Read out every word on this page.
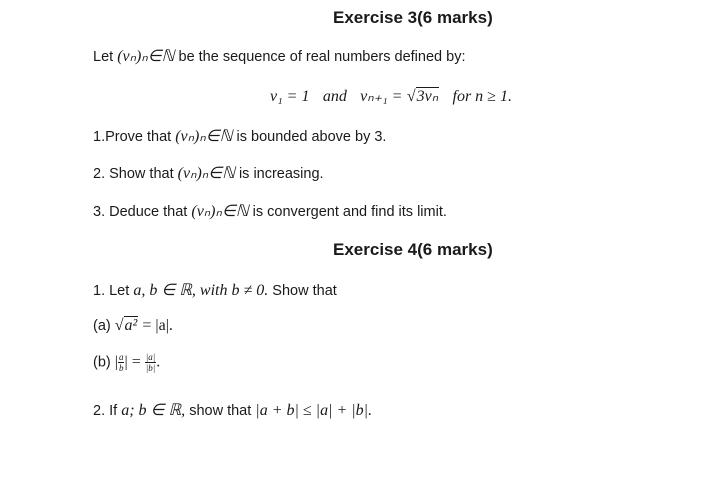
Exercise 3(6 marks)
Let (vₙ)ₙ∈ℕ be the sequence of real numbers defined by:
v₁ = 1 and vₙ₊₁ = √3vₙ for n ≥ 1.
1.Prove that (vₙ)ₙ∈ℕ is bounded above by 3.
2. Show that (vₙ)ₙ∈ℕ is increasing.
3. Deduce that (vₙ)ₙ∈ℕ is convergent and find its limit.
Exercise 4(6 marks)
1. Let a, b ∈ ℝ, with b ≠ 0. Show that
(a) √a² = |a|.
(b) | $\frac{a}{b}$ | = $\frac{|a|}{|b|}$ .
2. If a; b ∈ ℝ, show that |a + b| ≤ |a| + |b|.
